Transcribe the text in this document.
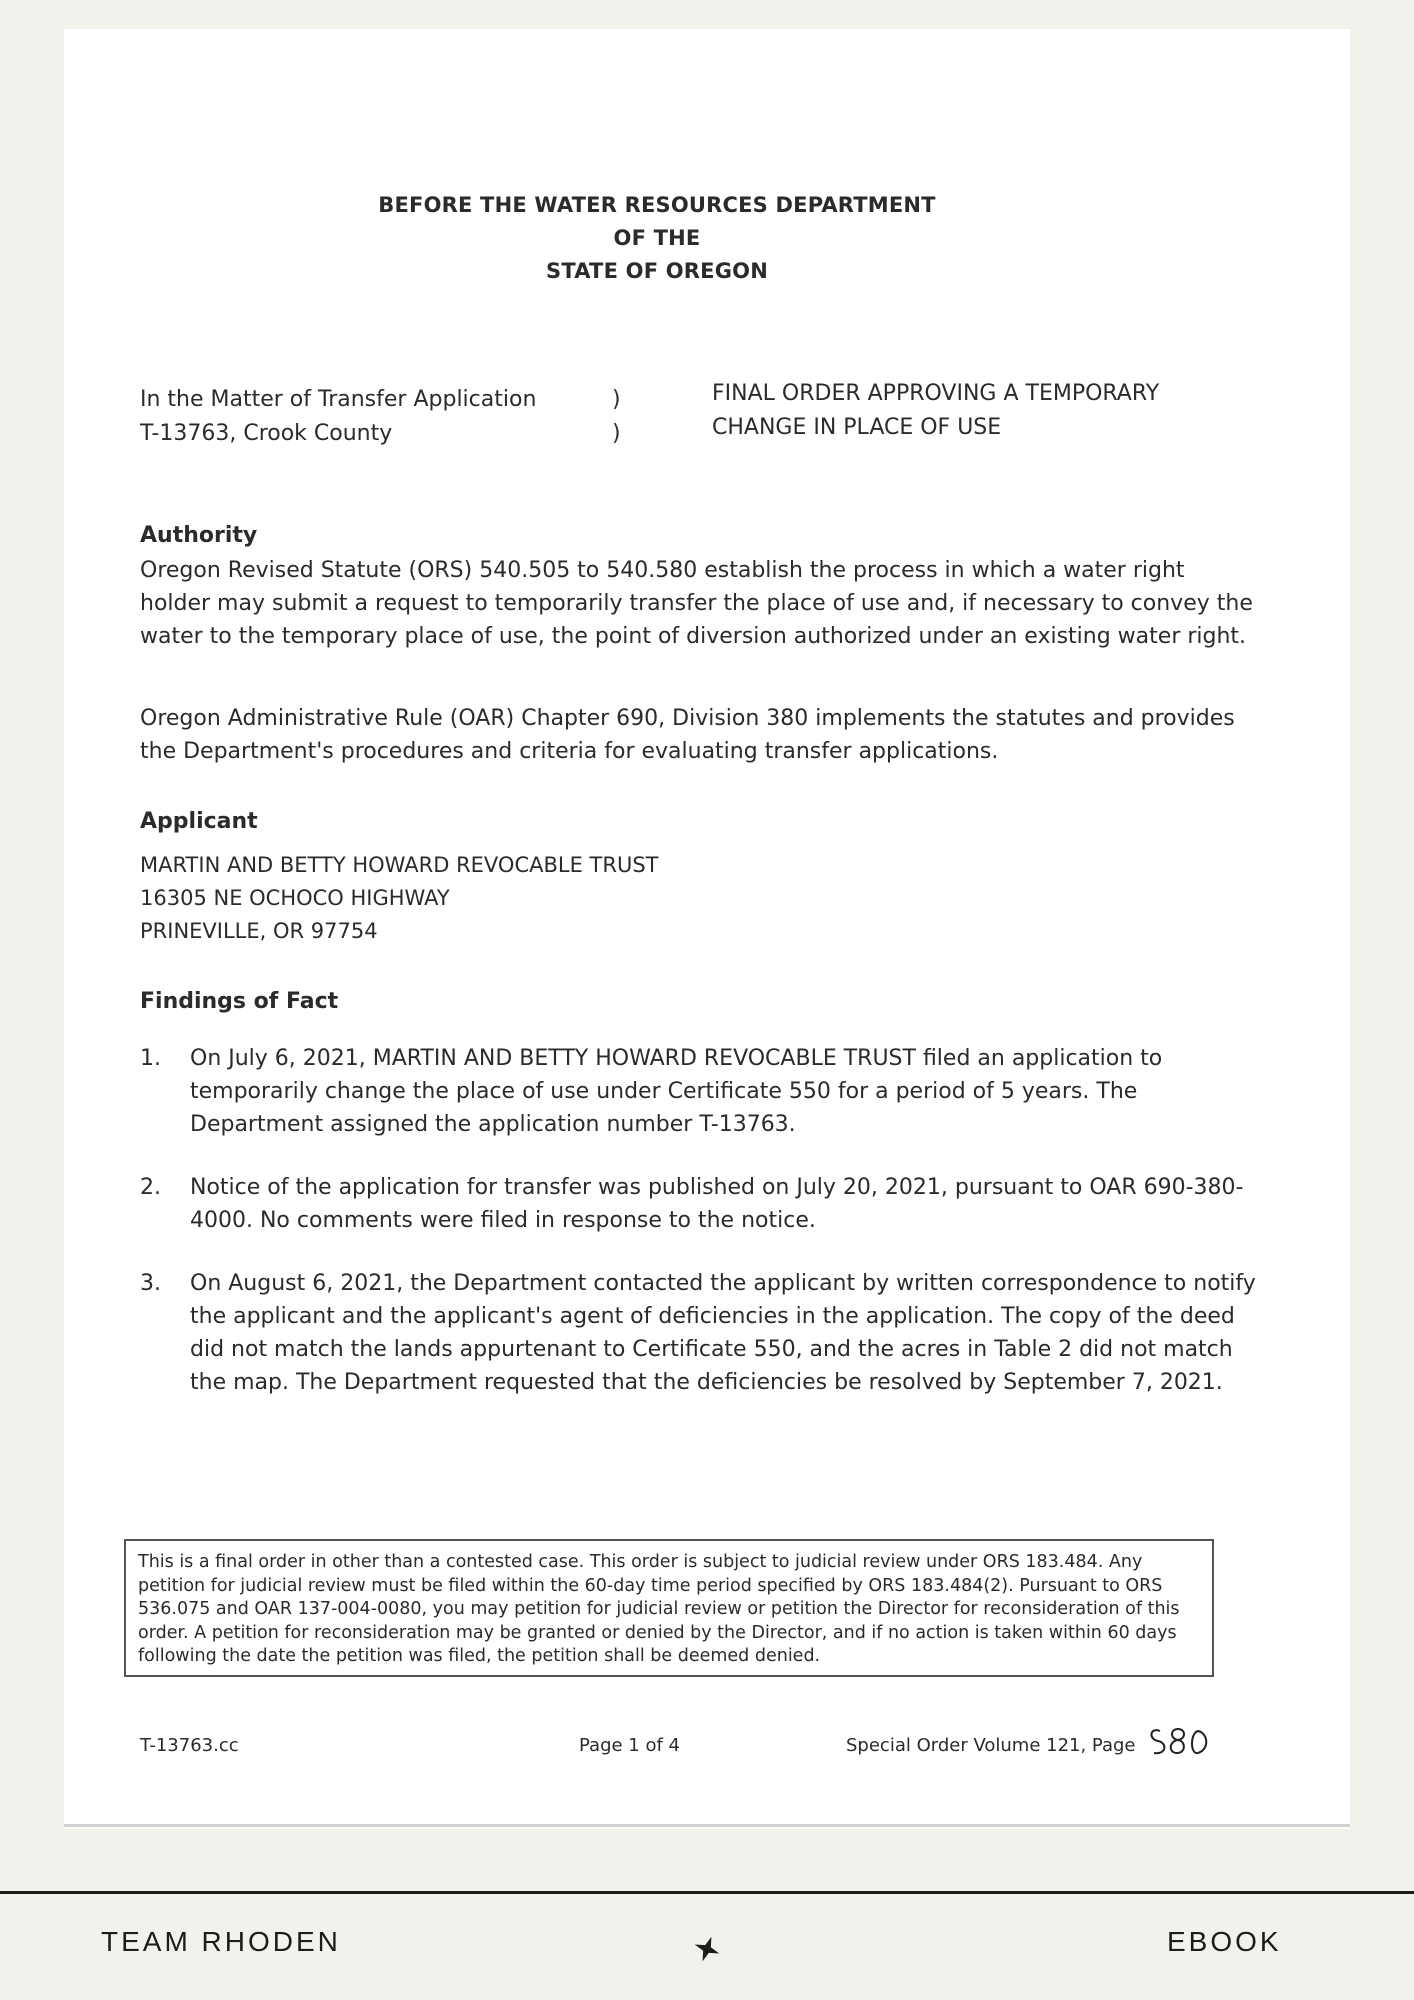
BEFORE THE WATER RESOURCES DEPARTMENT
OF THE
STATE OF OREGON
In the Matter of Transfer Application
T-13763, Crook County
)
)
FINAL ORDER APPROVING A TEMPORARY
CHANGE IN PLACE OF USE
Authority
Oregon Revised Statute (ORS) 540.505 to 540.580 establish the process in which a water right holder may submit a request to temporarily transfer the place of use and, if necessary to convey the water to the temporary place of use, the point of diversion authorized under an existing water right.
Oregon Administrative Rule (OAR) Chapter 690, Division 380 implements the statutes and provides the Department's procedures and criteria for evaluating transfer applications.
Applicant
MARTIN AND BETTY HOWARD REVOCABLE TRUST
16305 NE OCHOCO HIGHWAY
PRINEVILLE, OR 97754
Findings of Fact
1.	On July 6, 2021, MARTIN AND BETTY HOWARD REVOCABLE TRUST filed an application to temporarily change the place of use under Certificate 550 for a period of 5 years. The Department assigned the application number T-13763.
2.	Notice of the application for transfer was published on July 20, 2021, pursuant to OAR 690-380-4000. No comments were filed in response to the notice.
3.	On August 6, 2021, the Department contacted the applicant by written correspondence to notify the applicant and the applicant's agent of deficiencies in the application. The copy of the deed did not match the lands appurtenant to Certificate 550, and the acres in Table 2 did not match the map. The Department requested that the deficiencies be resolved by September 7, 2021.
This is a final order in other than a contested case. This order is subject to judicial review under ORS 183.484. Any petition for judicial review must be filed within the 60-day time period specified by ORS 183.484(2). Pursuant to ORS 536.075 and OAR 137-004-0080, you may petition for judicial review or petition the Director for reconsideration of this order. A petition for reconsideration may be granted or denied by the Director, and if no action is taken within 60 days following the date the petition was filed, the petition shall be deemed denied.
T-13763.cc	Page 1 of 4	Special Order Volume 121, Page
TEAM RHODEN	EBOOK
